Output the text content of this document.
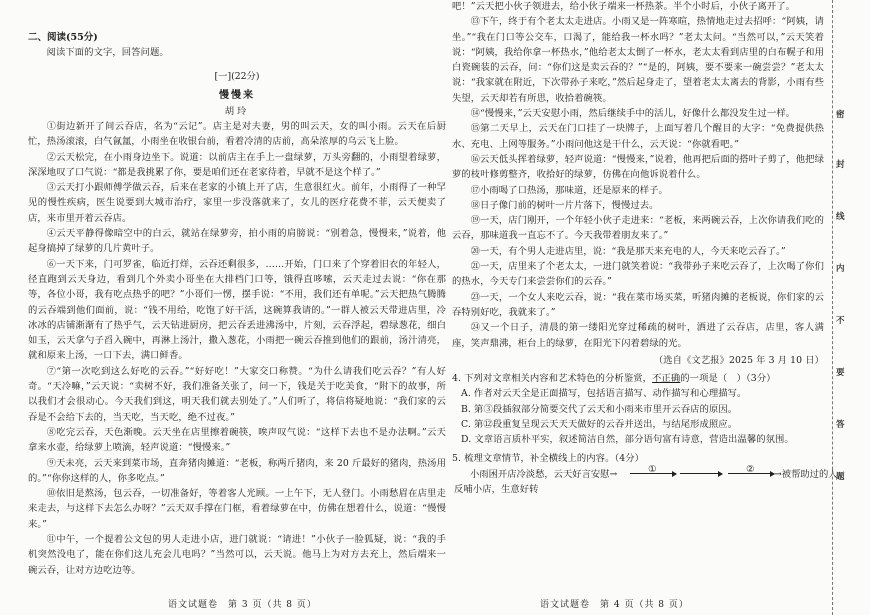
二、阅读(55分)

阅读下面的文字，回答问题。

[一](22分)
慢慢来
胡玲

①街边新开了间云吞店，名为“云记”。店主是对夫妻，男的叫云天，女的叫小雨。云天在后厨忙，热汤滚滚，白气氤氲，小雨坐在收银台前，看着冷清的店前，高朵浓厚的乌云飞上脸。

②云天松完，在小雨身边坐下。说道：以前店主在手上一盘绿萝，万头旁翻的，小雨望着绿萝，深深地叹了口气说：“都是我挑累了你，要是咱们还在老家待着，早就不是这个样了。”

③云天打小跟师傅学做云吞，后来在老家的小镇上开了店，生意很红火。前年，小雨得了一种罕见的慢性疾病，医生说要到大城市治疗，家里一步没落就来了，女儿的医疗花费不菲，云天便卖了店，来市里开着云吞店。

④云天平静得像暗空中的白云，就站在绿萝旁，拍小雨的肩膀说：“别着急，慢慢来，”说着，他起身搞掉了绿萝的几片黄叶子。

⑥一天下来，门可罗雀，临近打烊，云吞还剩很多，……开始，门口来了个穿着旧衣的年轻人，径直跑到云天身边，看到几个外卖小哥坐在大排档门口等，饿得直哆嗦，云天走过去说：“你在那等，各位小哥，我有吃点热乎的吧？”小哥们一愣，摆手说：“不用，我们还有单呢。”云天把热气腾腾的云吞端到他们面前，说：“钱不用给，吃饱了好干活，这碗算我请的。”一群人被云天带进店里，冷冰冰的店铺渐渐有了热乎气，云天钻进厨房，把云吞丢进沸汤中，片刻，云吞浮起，碧绿葱花，细白如玉，云天拿勺子舀入碗中，再淋上汤汁，撒入葱花，小雨把一碗云吞推到他们的跟前，汤汁清亮，就和原来上汤，一口下去，满口鲜香。

⑦“第一次吃到这么好吃的云吞。”“好好吃！”大家交口称赞。“为什么请我们吃云吞？”有人好奇。“天冷嘛，”云天说：“卖树不好，我们准备关张了，问一下，钱是关于吃美食，“附下的故事，所以我们才会很动心。今天我们到这，明天我们就去别处了。”人们听了，将信将疑地说：“我们家的云吞是不会给下去的，当天吃，当天吃，绝不过夜。”

⑧吃完云吞，天色渐晚。云天坐在店里擦着碗筷，唉声叹气说：“这样下去也不是办法啊。”云天拿来水壶，给绿萝上喷滴，轻声说道：“慢慢来。”

⑨天未亮，云天来到菜市场，直奔猪肉摊道：“老板，称两斤猪肉，来 20 斤最好的猪肉，热汤用的。”“你你这样的人，你多吃点。”

⑩依旧是熬汤，包云吞，一切准备好，等着客人光顾。一上午下，无人登门。小雨愁眉在店里走来走去，与这样下去怎么办呀？”云天双手撑在门框，看着绿萝在中，仿佛在想着什么，说道：“慢慢来。”

⑪中午，一个提着公文包的男人走进小店，进门就说：“请进！”小伙子一脸狐疑，说：“我的手机突然没电了，能在你们这儿充会儿电吗？”当然可以，云天说。他马上为对方去充上，然后端来一碗云吞，让对方边吃边等。

语文试题卷　第 3 页（共 8 页）

吧！”云天把小伙子领进去，给小伙子端来一杯热茶。半个小时后，小伙子离开了。

⑬下午，终于有个老太太走进店。小雨又是一阵寒暄，热情地走过去招呼：“阿姨，请坐。”“我在门口等公交车，口渴了，能给我一杯水吗？”老太太问。“当然可以，”云天笑着说：“阿姨，我给你拿一杯热水，”他给老太太倒了一杯水，老太太看到店里的白布幌子和用白瓷碗装的云吞，问：“你们这是卖云吞的？”“是的，阿姨，要不要来一碗尝尝？”老太太说：“我家就在附近，下次带孙子来吃，”然后起身走了，望着老太太离去的背影，小雨有些失望，云天却若有所思，收拾着碗筷。

⑭“慢慢来，”云天安慰小雨，然后继续手中的活儿，好像什么都没发生过一样。

⑮第二天早上，云天在门口挂了一块牌子，上面写着几个醒目的大字：“免费提供热水、充电、上网等服务。”小雨问他这是干什么，云天说：“你就看吧。”

⑯云天低头挥着绿萝，轻声说道：“慢慢来，”说着，他再把后面的搭叶子剪了，他把绿萝的枝叶修剪整齐，收拾好的绿萝，仿佛在向他诉说着什么。

⑰小雨喝了口热汤，那味道，还是原来的样子。

⑱日子像门前的树叶一片片落下，慢慢过去。

⑲一天，店门刚开，一个年轻小伙子走进来：“老板，来两碗云吞，上次你请我们吃的云吞，那味道我一直忘不了。今天我带着朋友来了。”

⑳一天，有个男人走进店里，说：“我是那天来充电的人，今天来吃云吞了。”

㉑一天，店里来了个老太太，一进门就笑着说：“我带孙子来吃云吞了，上次喝了你们的热水，今天专门来尝尝你们的云吞。”

㉓一天，一个女人来吃云吞，说：“我在菜市场买菜，听猪肉摊的老板说，你们家的云吞特别好吃，我就来了。”

㉔又一个日子，清晨的第一缕阳光穿过稀疏的树叶，洒进了云吞店，店里，客人满座，笑声鼎沸，柜台上的绿萝，在阳光下闪着碧绿的光。

（选自《文艺报》2025 年 3 月 10 日）

4. 下列对文章相关内容和艺术特色的分析鉴赏，不正确的一项是（　）（3分）

A. 作者对云天全是正面描写，包括语言描写、动作描写和心理描写。

B. 第③段插叙部分简要交代了云天和小雨来市里开云吞店的原因。

C. 第⑫段重复呈现云天天天做好的云吞并送出，与结尾形成照应。

D. 文章语言质朴平实，叙述简洁自然，部分语句富有诗意，营造出温馨的氛围。

5. 梳理文章情节，补全横线上的内容。（4分）

小雨困开店冷淡愁，云天好言安慰→	①	② →被帮助过的人

反哺小店，生意好转

语文试题卷　第 4 页（共 8 页）
密
封
线
内
不
要
答
题
